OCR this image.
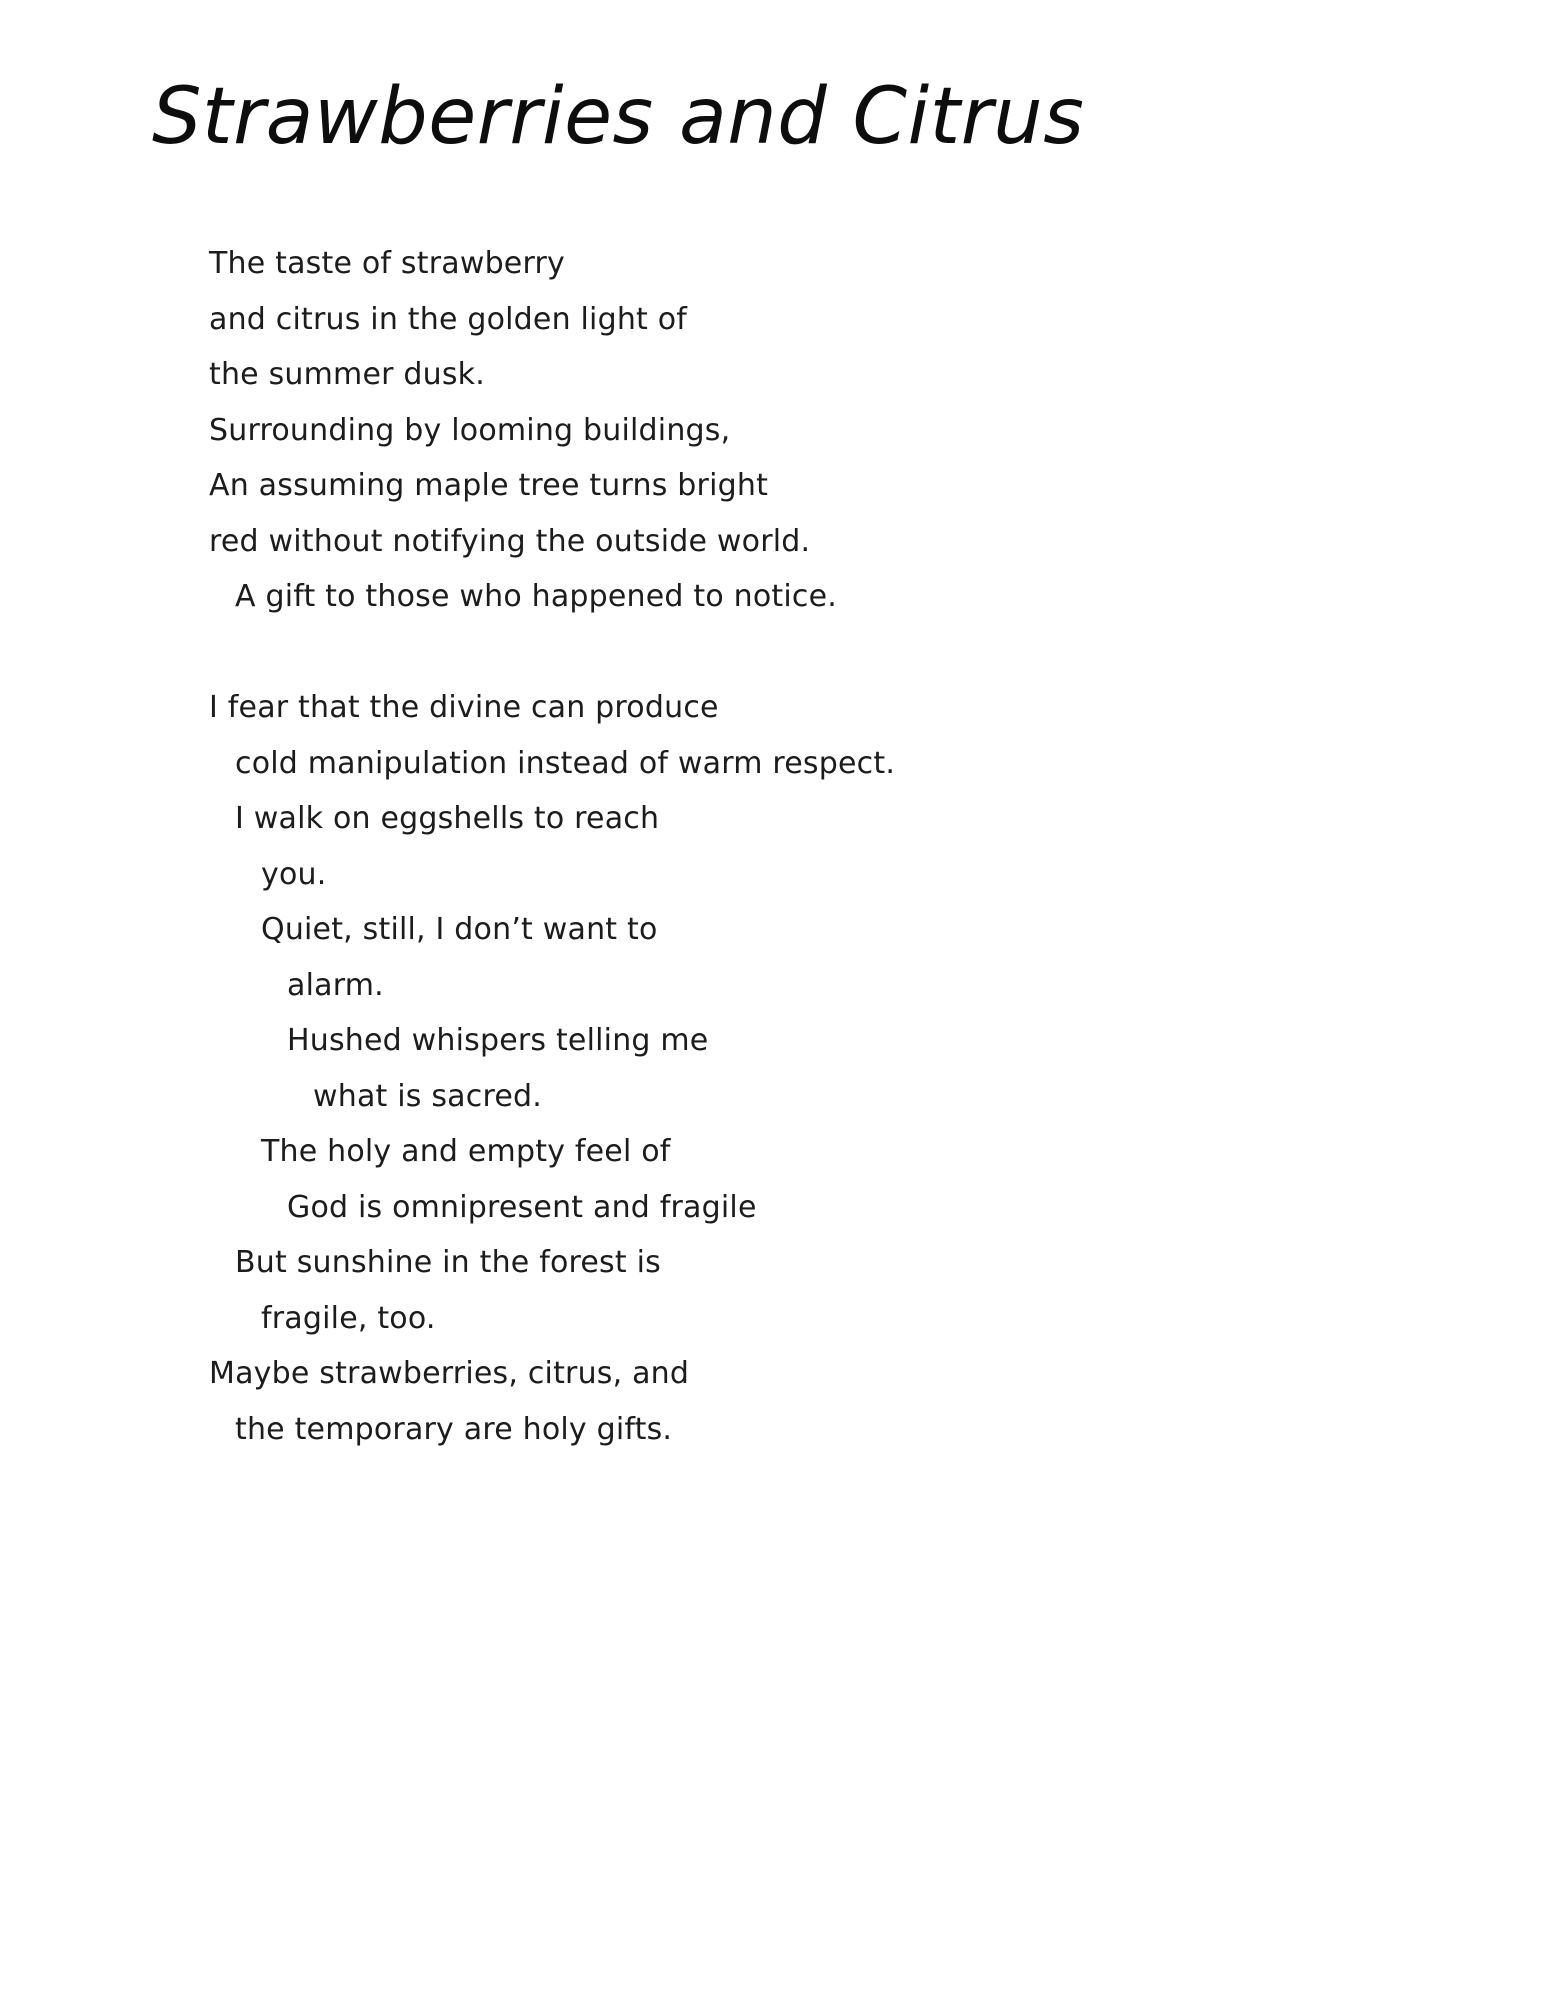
Strawberries and Citrus
The taste of strawberry
and citrus in the golden light of
the summer dusk.
Surrounding by looming buildings,
An assuming maple tree turns bright
red without notifying the outside world.
A gift to those who happened to notice.
I fear that the divine can produce
cold manipulation instead of warm respect.
I walk on eggshells to reach
you.
Quiet, still, I don’t want to
alarm.
Hushed whispers telling me
what is sacred.
The holy and empty feel of
God is omnipresent and fragile
But sunshine in the forest is
fragile, too.
Maybe strawberries, citrus, and
the temporary are holy gifts.
